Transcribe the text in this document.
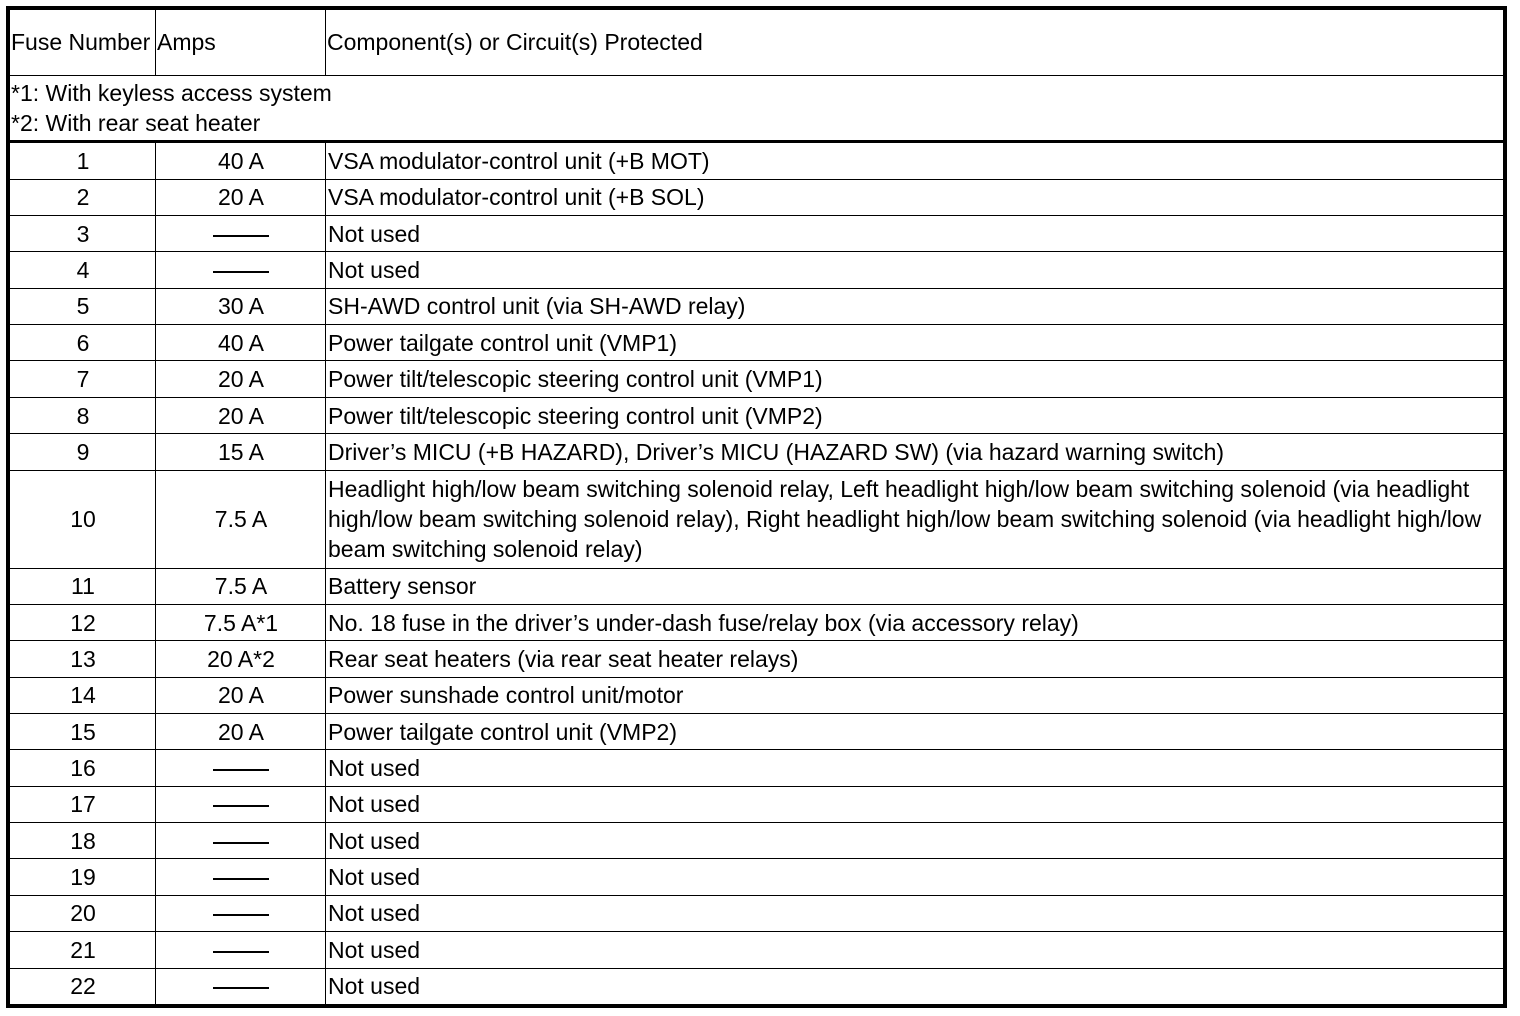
Fuse Number	Amps	Component(s) or Circuit(s) Protected

*1: With keyless access system
*2: With rear seat heater		

1	40 A	VSA modulator-control unit (+B MOT)
2	20 A	VSA modulator-control unit (+B SOL)
3		Not used
4		Not used
5	30 A	SH-AWD control unit (via SH-AWD relay)
6	40 A	Power tailgate control unit (VMP1)
7	20 A	Power tilt/telescopic steering control unit (VMP1)
8	20 A	Power tilt/telescopic steering control unit (VMP2)
9	15 A	Driver’s MICU (+B HAZARD), Driver’s MICU (HAZARD SW) (via hazard warning switch)
10	7.5 A	Headlight high/low beam switching solenoid relay, Left headlight high/low beam switching solenoid (via headlight high/low beam switching solenoid relay), Right headlight high/low beam switching solenoid (via headlight high/low beam switching solenoid relay)
11	7.5 A	Battery sensor
12	7.5 A*1	No. 18 fuse in the driver’s under-dash fuse/relay box (via accessory relay)
13	20 A*2	Rear seat heaters (via rear seat heater relays)
14	20 A	Power sunshade control unit/motor
15	20 A	Power tailgate control unit (VMP2)
16		Not used
17		Not used
18		Not used
19		Not used
20		Not used
21		Not used
22		Not used
